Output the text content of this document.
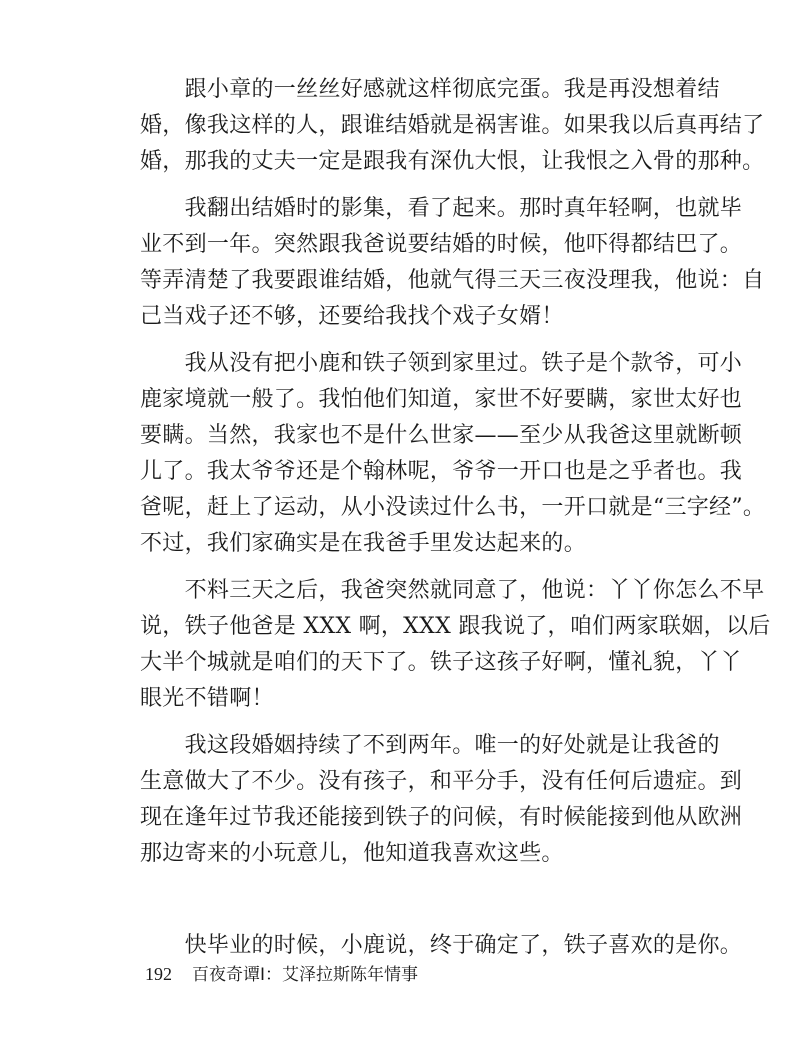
　　跟小章的一丝丝好感就这样彻底完蛋。我是再没想着结
婚，像我这样的人，跟谁结婚就是祸害谁。如果我以后真再结了
婚，那我的丈夫一定是跟我有深仇大恨，让我恨之入骨的那种。
　　我翻出结婚时的影集，看了起来。那时真年轻啊，也就毕
业不到一年。突然跟我爸说要结婚的时候，他吓得都结巴了。
等弄清楚了我要跟谁结婚，他就气得三天三夜没理我，他说：自
己当戏子还不够，还要给我找个戏子女婿！
　　我从没有把小鹿和铁子领到家里过。铁子是个款爷，可小
鹿家境就一般了。我怕他们知道，家世不好要瞒，家世太好也
要瞒。当然，我家也不是什么世家——至少从我爸这里就断顿
儿了。我太爷爷还是个翰林呢，爷爷一开口也是之乎者也。我
爸呢，赶上了运动，从小没读过什么书，一开口就是“三字经”。
不过，我们家确实是在我爸手里发达起来的。
　　不料三天之后，我爸突然就同意了，他说：丫丫你怎么不早
说，铁子他爸是 XXX 啊，XXX 跟我说了，咱们两家联姻，以后
大半个城就是咱们的天下了。铁子这孩子好啊，懂礼貌，丫丫
眼光不错啊！
　　我这段婚姻持续了不到两年。唯一的好处就是让我爸的
生意做大了不少。没有孩子，和平分手，没有任何后遗症。到
现在逢年过节我还能接到铁子的问候，有时候能接到他从欧洲
那边寄来的小玩意儿，他知道我喜欢这些。
　　快毕业的时候，小鹿说，终于确定了，铁子喜欢的是你。
192 百夜奇谭Ⅰ：艾泽拉斯陈年情事
